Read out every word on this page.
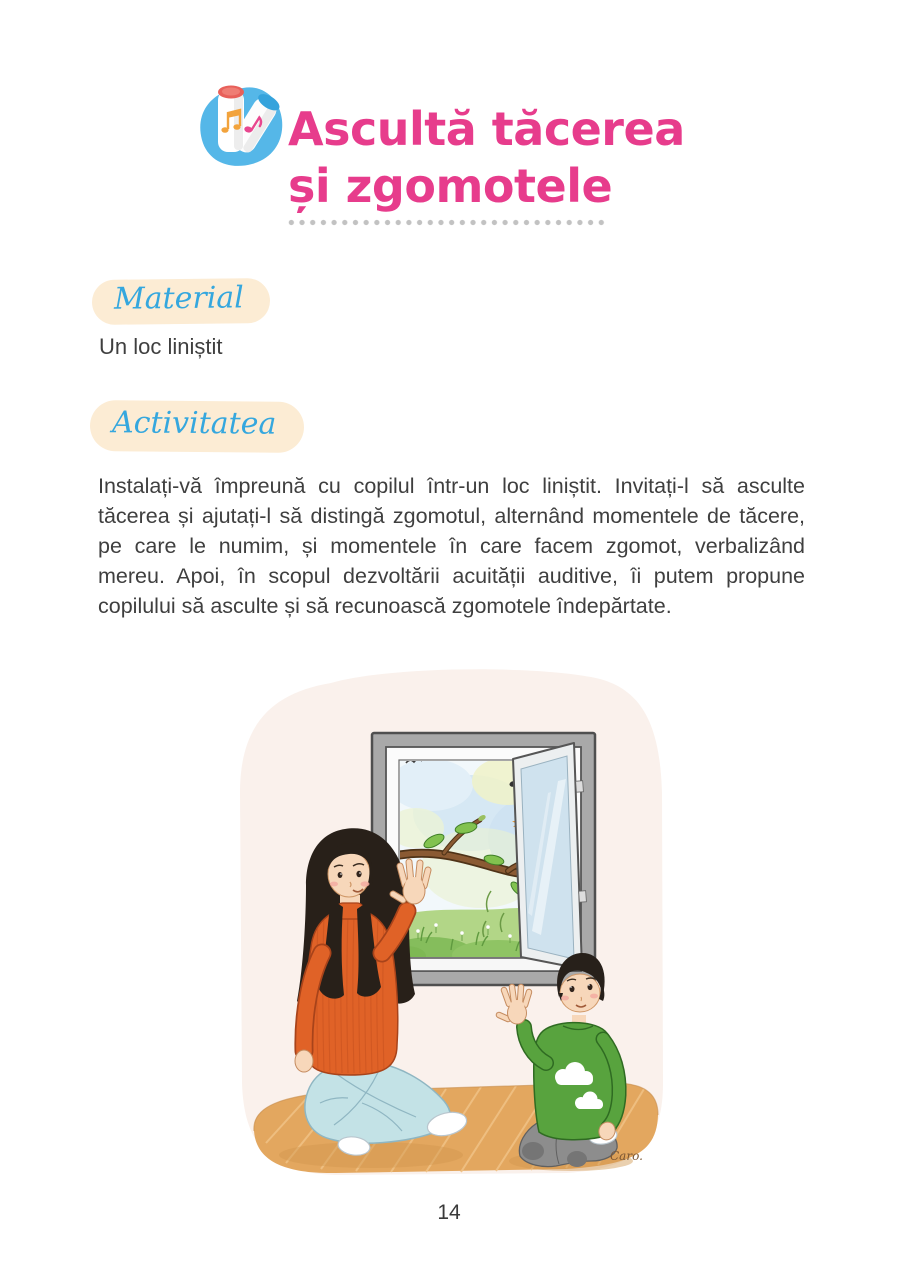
Ascultă tăcerea
și zgomotele
Material

Un loc liniștit

Activitatea

Instalați-vă împreună cu copilul într-un loc liniștit. Invitați-l să asculte tăcerea și ajutați-l să distingă zgomotul, alternând momentele de tăcere, pe care le numim, și momentele în care facem zgomot, verbalizând mereu. Apoi, în scopul dezvoltării acuității auditive, îi putem propune copilului să asculte și să recunoască zgomotele îndepărtate.

Caro.
14
